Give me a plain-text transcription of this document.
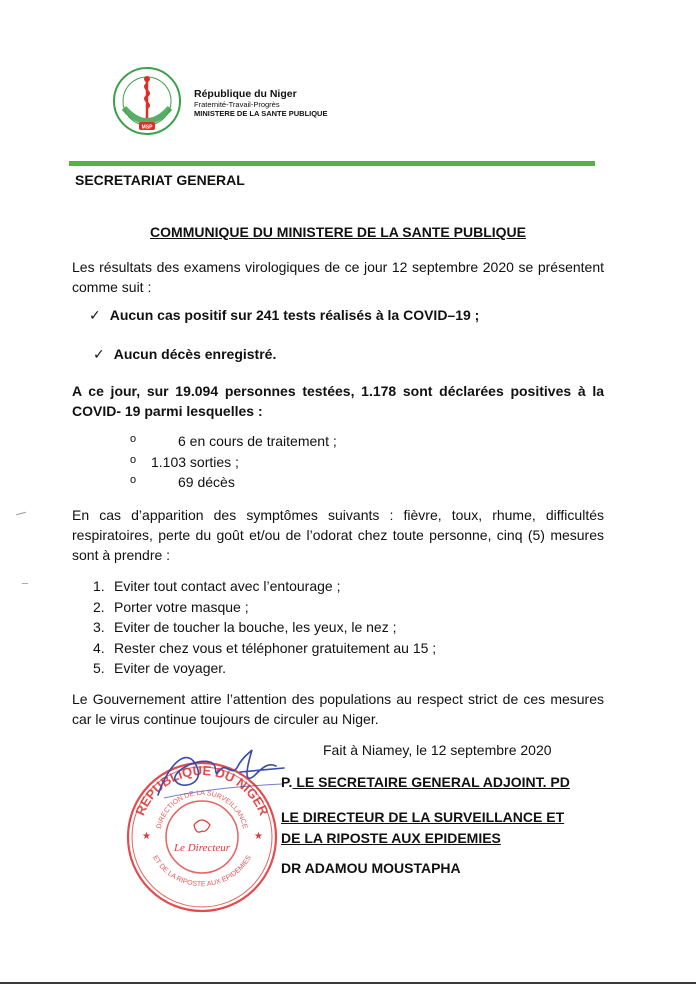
MSP
République du Niger
Fraternité-Travail-Progrès
MINISTERE DE LA SANTE PUBLIQUE
SECRETARIAT GENERAL
COMMUNIQUE DU MINISTERE DE LA SANTE PUBLIQUE
Les résultats des examens virologiques de ce jour 12 septembre 2020 se présentent comme suit :
✓ Aucun cas positif sur 241 tests réalisés à la COVID–19 ;
✓ Aucun décès enregistré.
A ce jour, sur 19.094 personnes testées, 1.178 sont déclarées positives à la COVID- 19 parmi lesquelles :
o	6 en cours de traitement ;
o 1.103 sorties ;
o	69 décès
En cas d’apparition des symptômes suivants : fièvre, toux, rhume, difficultés respiratoires, perte du goût et/ou de l’odorat chez toute personne, cinq (5) mesures sont à prendre :
1. Eviter tout contact avec l’entourage ;
2. Porter votre masque ;
3. Eviter de toucher la bouche, les yeux, le nez ;
4. Rester chez vous et téléphoner gratuitement au 15 ;
5. Eviter de voyager.
Le Gouvernement attire l’attention des populations au respect strict de ces mesures car le virus continue toujours de circuler au Niger.
Fait à Niamey, le 12 septembre 2020
REPUBLIQUE DU NIGER
DIRECTION DE LA SURVEILLANCE
ET DE LA RIPOSTE AUX EPIDEMIES
Le Directeur
★	★
P. LE SECRETAIRE GENERAL ADJOINT. PD
LE DIRECTEUR DE LA SURVEILLANCE ET
DE LA RIPOSTE AUX EPIDEMIES
DR ADAMOU MOUSTAPHA
